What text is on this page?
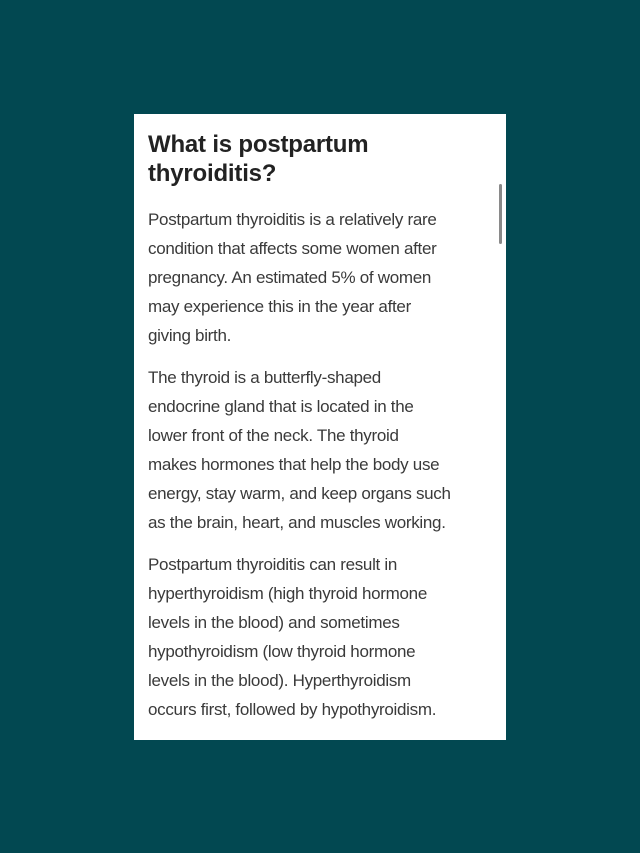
What is postpartum
thyroiditis?

Postpartum thyroiditis is a relatively rare
condition that affects some women after
pregnancy. An estimated 5% of women
may experience this in the year after
giving birth.

The thyroid is a butterfly-shaped
endocrine gland that is located in the
lower front of the neck. The thyroid
makes hormones that help the body use
energy, stay warm, and keep organs such
as the brain, heart, and muscles working.

Postpartum thyroiditis can result in
hyperthyroidism (high thyroid hormone
levels in the blood) and sometimes
hypothyroidism (low thyroid hormone
levels in the blood). Hyperthyroidism
occurs first, followed by hypothyroidism.
